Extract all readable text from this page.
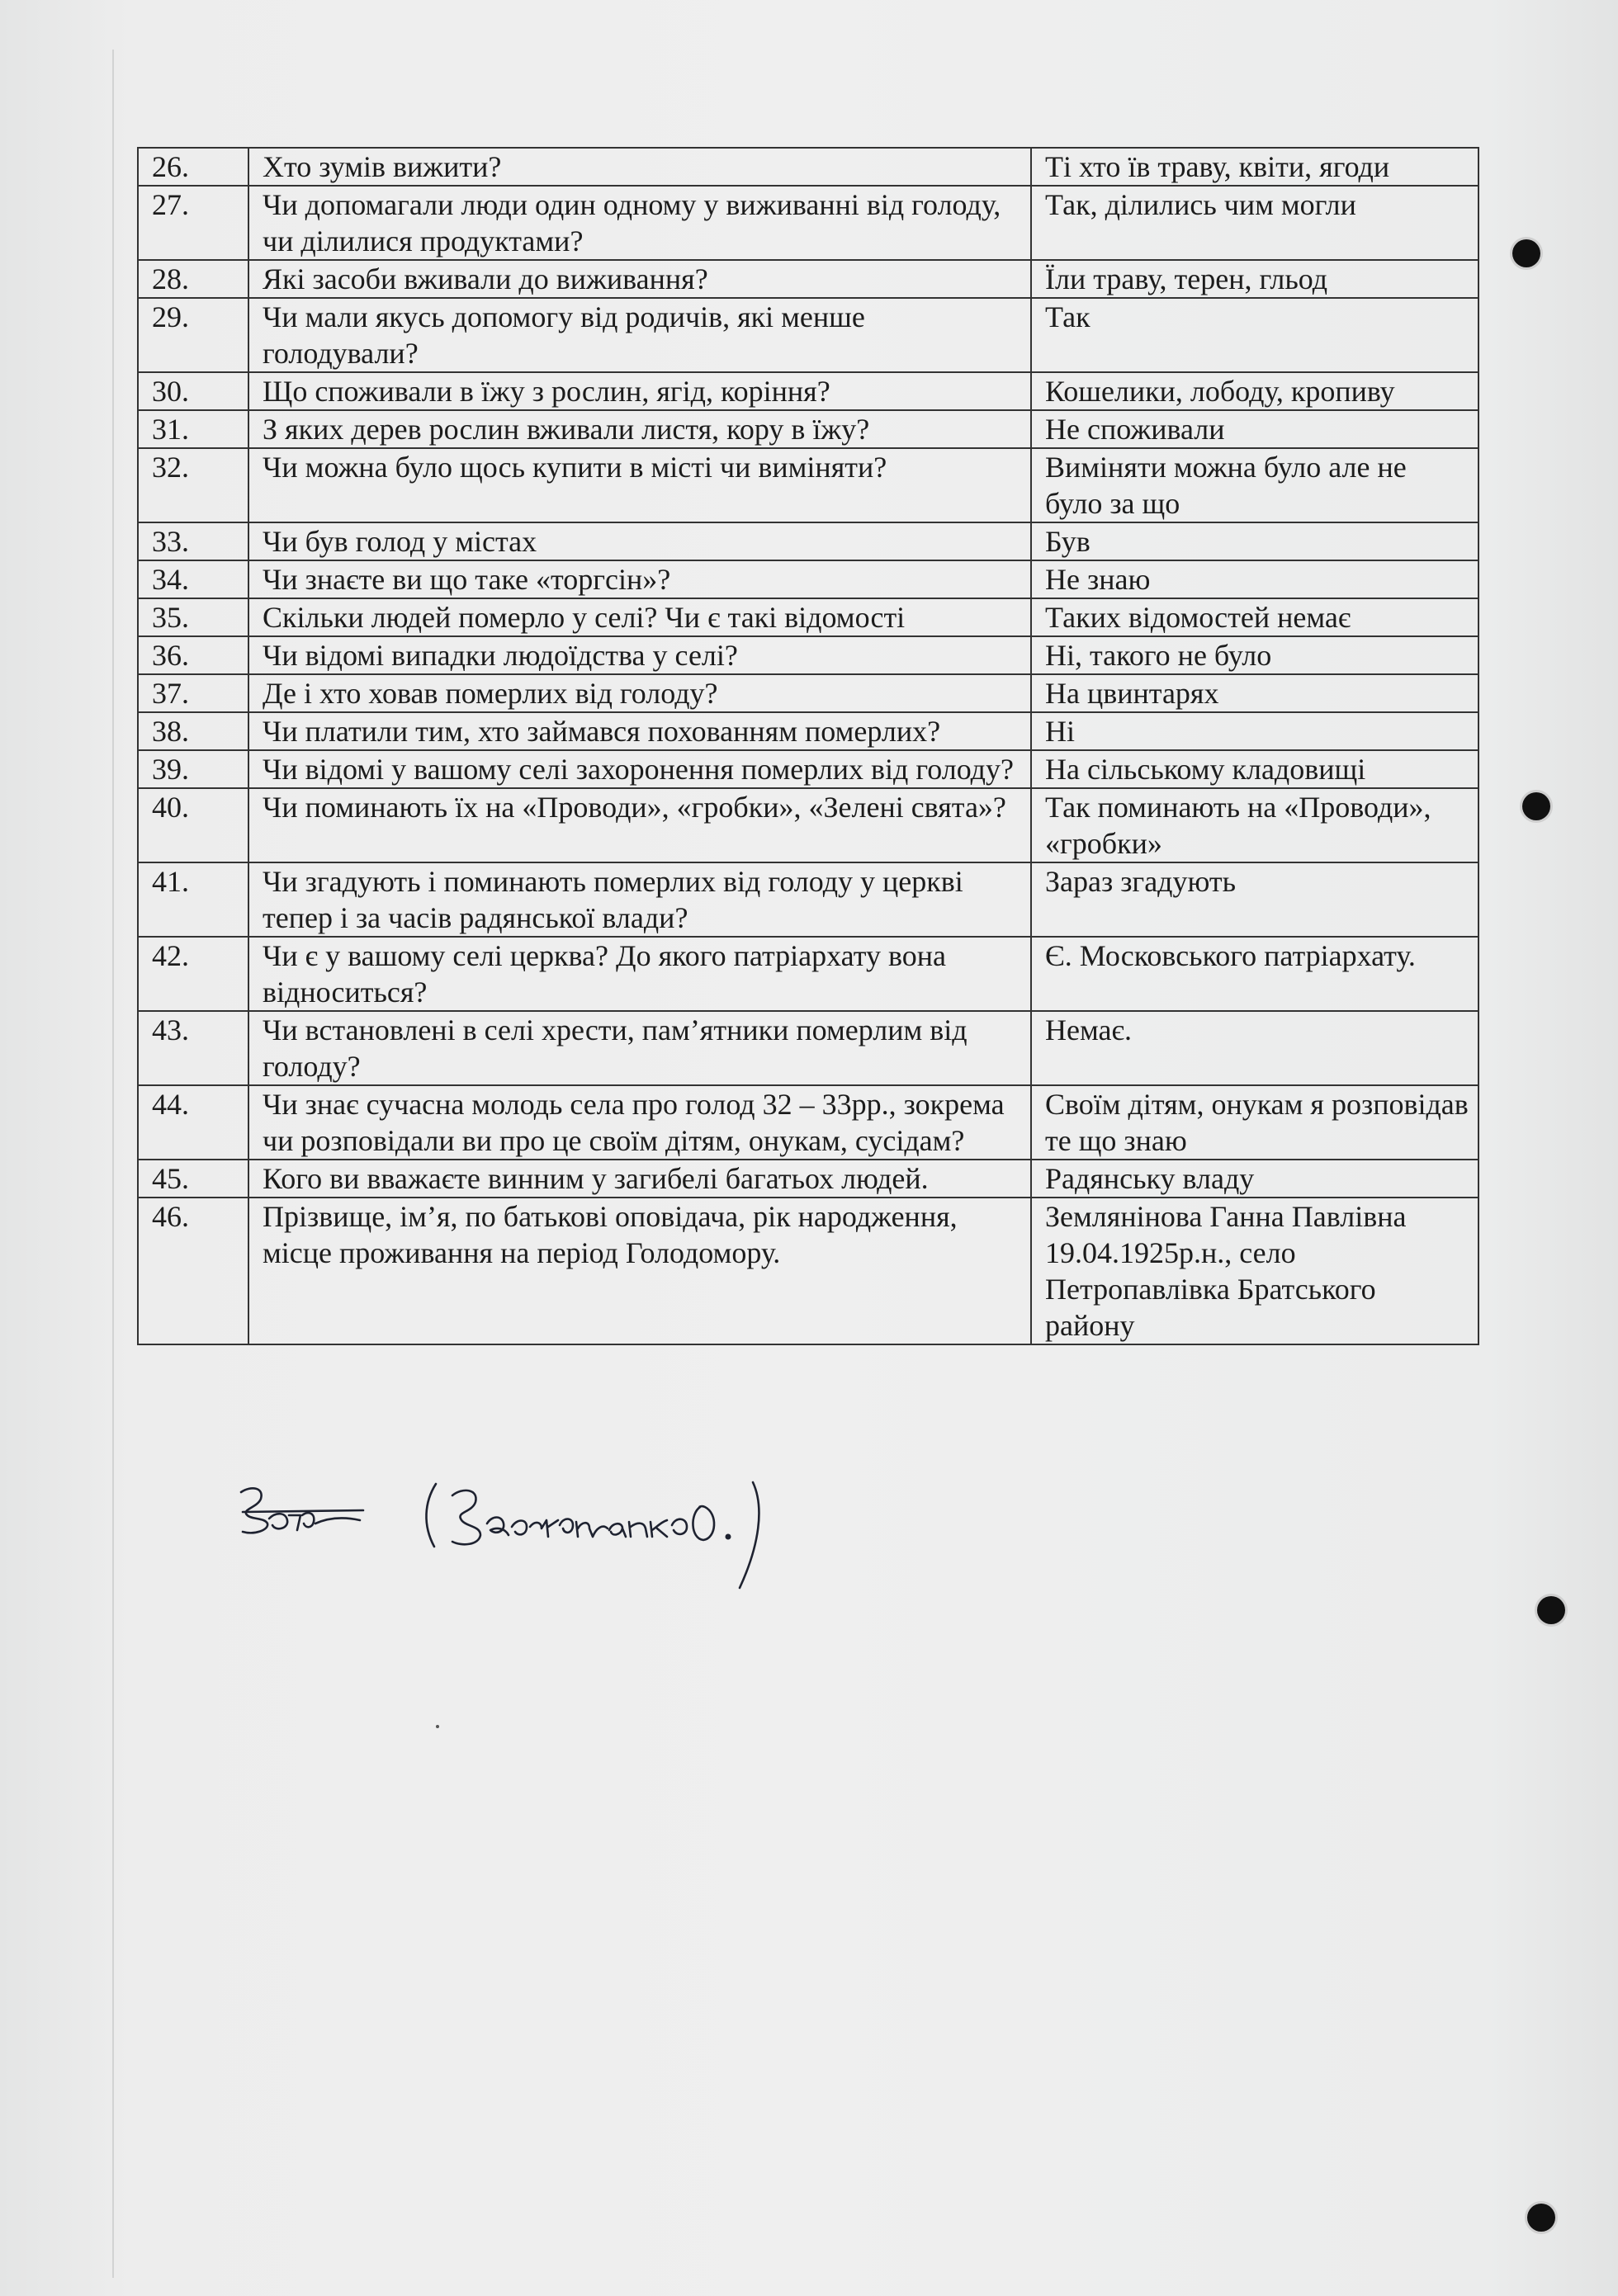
26.	Хто зумів вижити?	Ті хто їв траву, квіти, ягоди
27.	Чи допомагали люди один одному у виживанні від голоду, чи ділилися продуктами?	Так, ділились чим могли
28.	Які засоби вживали до виживання?	Їли траву, терен, гльод
29.	Чи мали якусь допомогу від родичів, які менше голодували?	Так
30.	Що споживали в їжу з рослин, ягід, коріння?	Кошелики, лободу, кропиву
31.	З яких дерев рослин вживали листя, кору в їжу?	Не споживали
32.	Чи можна було щось купити в місті чи виміняти?	Виміняти можна було але не було за що
33.	Чи був голод у містах	Був
34.	Чи знаєте ви що таке «торгсін»?	Не знаю
35.	Скільки людей померло у селі? Чи є такі відомості	Таких відомостей немає
36.	Чи відомі випадки людоїдства у селі?	Ні, такого не було
37.	Де і хто ховав померлих від голоду?	На цвинтарях
38.	Чи платили тим, хто займався похованням померлих?	Ні
39.	Чи відомі у вашому селі захоронення померлих від голоду?	На сільському кладовищі
40.	Чи поминають їх на «Проводи», «гробки», «Зелені свята»?	Так поминають на «Проводи», «гробки»
41.	Чи згадують і поминають померлих від голоду у церкві тепер і за часів радянської влади?	Зараз згадують
42.	Чи є у вашому селі церква? До якого патріархату вона відноситься?	Є. Московського патріархату.
43.	Чи встановлені в селі хрести, пам’ятники померлим від голоду?	Немає.
44.	Чи знає сучасна молодь села про голод 32 – 33рр., зокрема чи розповідали ви про це своїм дітям, онукам, сусідам?	Своїм дітям, онукам я розповідав те що знаю
45.	Кого ви вважаєте винним у загибелі багатьох людей.	Радянську владу
46.	Прізвище, ім’я, по батькові оповідача, рік народження, місце проживання на період Голодомору.	Землянінова Ганна Павлівна 19.04.1925р.н., село Петропавлівка Братського району
